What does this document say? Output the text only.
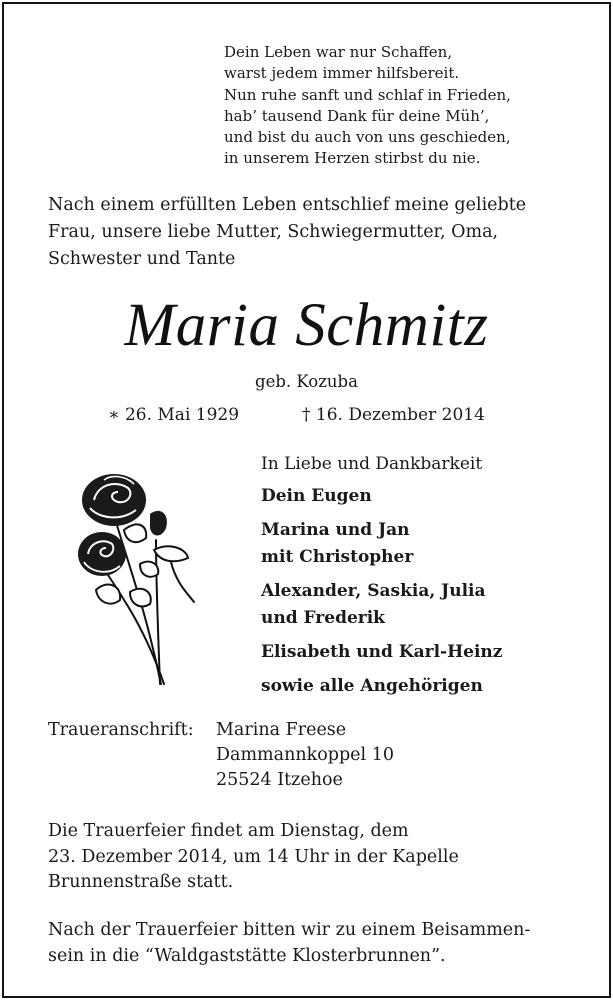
Dein Leben war nur Schaffen,
warst jedem immer hilfsbereit.
Nun ruhe sanft und schlaf in Frieden,
hab’ tausend Dank für deine Müh’,
und bist du auch von uns geschieden,
in unserem Herzen stirbst du nie.
Nach einem erfüllten Leben entschlief meine geliebte
Frau, unsere liebe Mutter, Schwiegermutter, Oma,
Schwester und Tante
Maria Schmitz
geb. Kozuba
∗ 26. Mai 1929	† 16. Dezember 2014
In Liebe und Dankbarkeit
Dein Eugen
Marina und Jan
mit Christopher
Alexander, Saskia, Julia
und Frederik
Elisabeth und Karl-Heinz
sowie alle Angehörigen
Traueranschrift: Marina Freese
Dammannkoppel 10
25524 Itzehoe
Die Trauerfeier findet am Dienstag, dem
23. Dezember 2014, um 14 Uhr in der Kapelle
Brunnenstraße statt.
Nach der Trauerfeier bitten wir zu einem Beisammen-
sein in die “Waldgaststätte Klosterbrunnen”.
